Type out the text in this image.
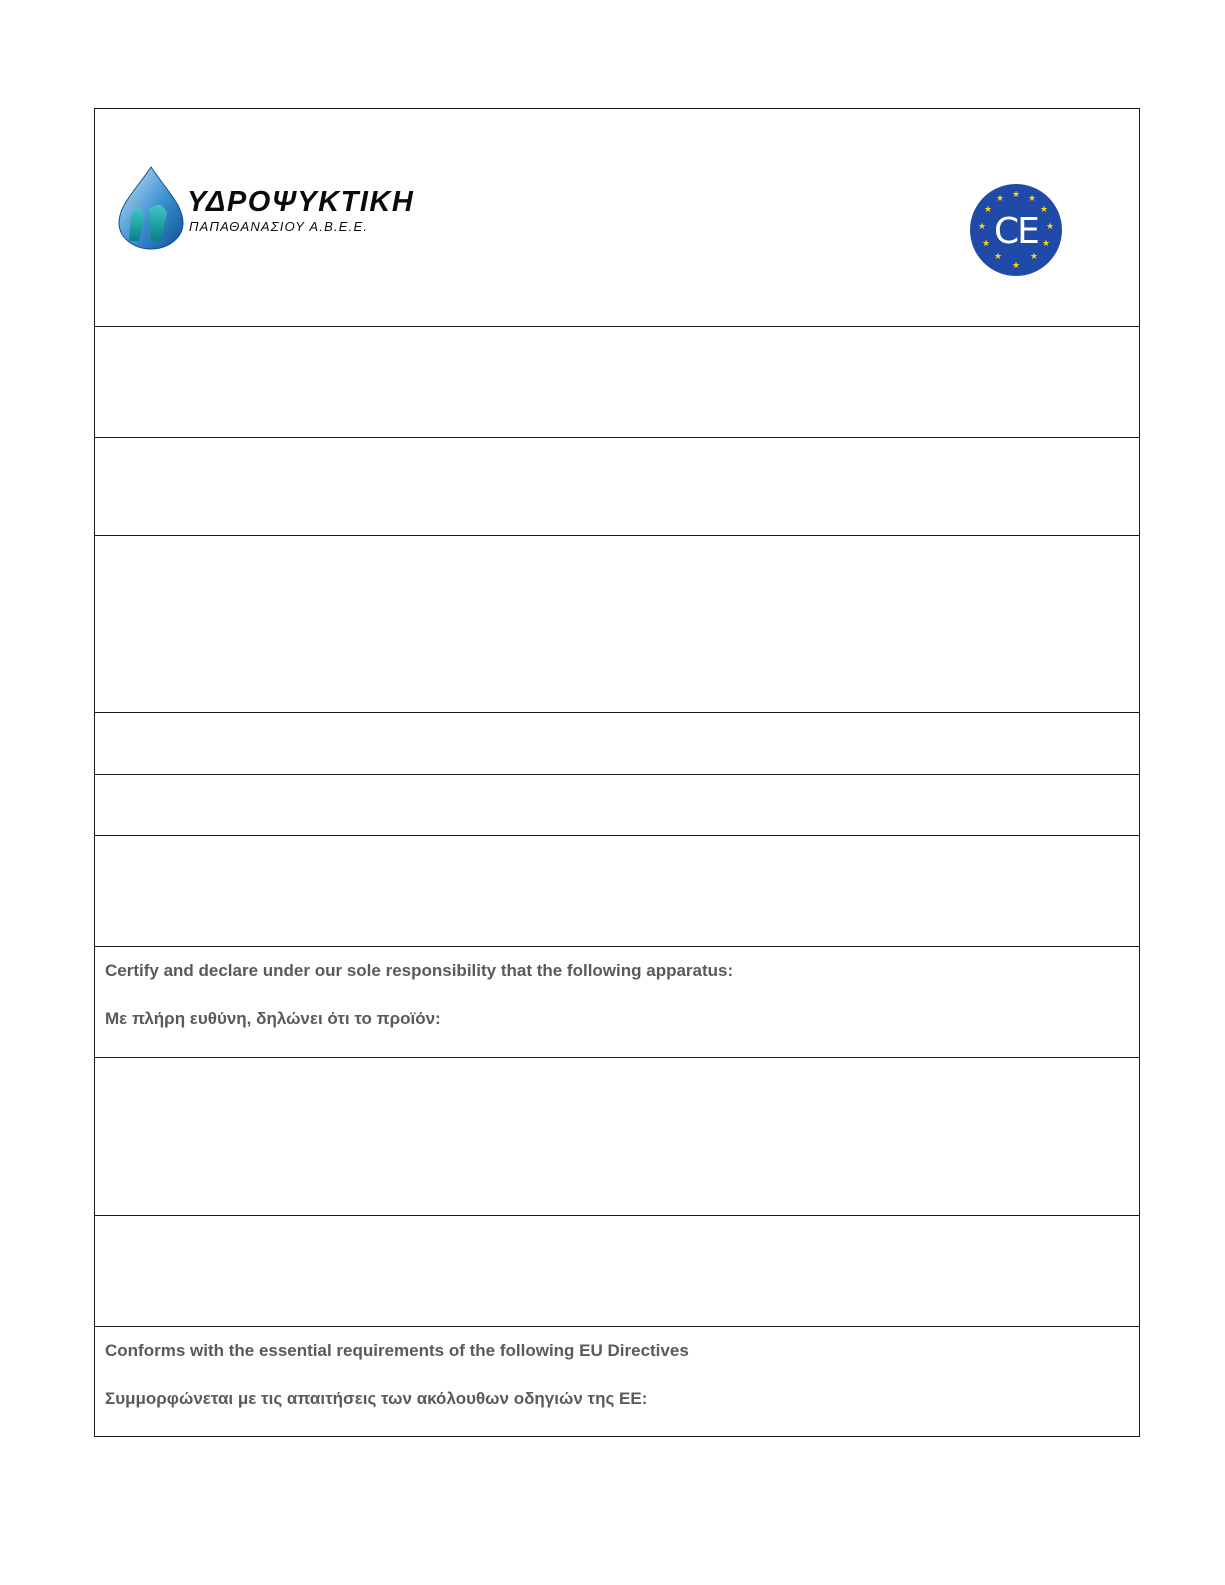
ΥΔΡΟΨΥΚΤΙΚΗ
ΠΑΠΑΘΑΝΑΣΙΟΥ Α.Β.Ε.Ε.
★ ★
★
★
★
★
★
★
★
★
★
★
CE

Certify and declare under our sole responsibility that the following apparatus:

Με πλήρη ευθύνη, δηλώνει ότι το προϊόν:

Conforms with the essential requirements of the following EU Directives

Συμμορφώνεται με τις απαιτήσεις των ακόλουθων οδηγιών της ΕΕ:
